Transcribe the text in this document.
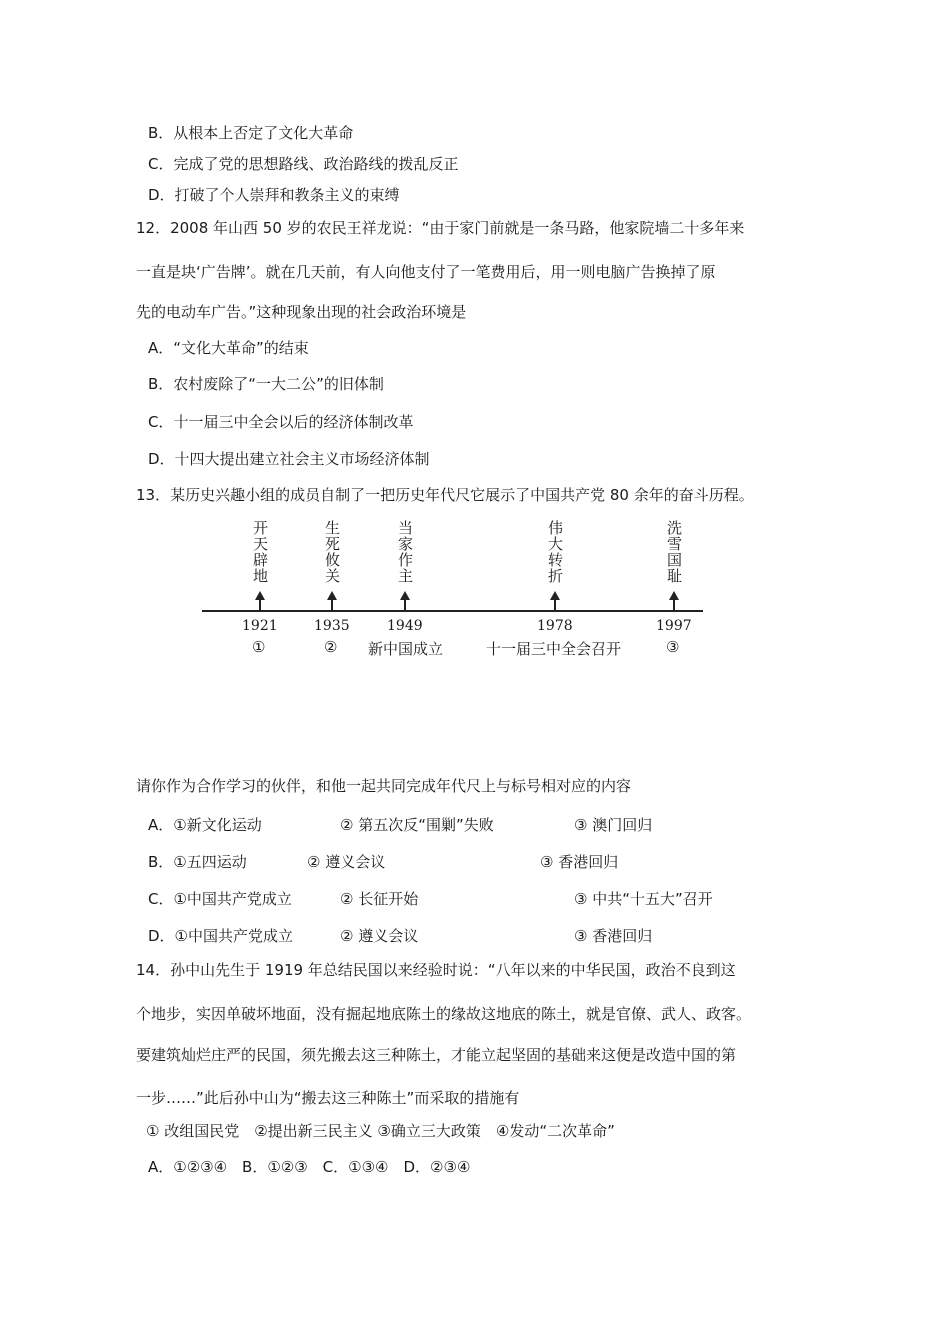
B．从根本上否定了文化大革命
C．完成了党的思想路线、政治路线的拨乱反正
D．打破了个人崇拜和教条主义的束缚
12．2008 年山西 50 岁的农民王祥龙说：“由于家门前就是一条马路，他家院墙二十多年来
一直是块‘广告牌’。就在几天前，有人向他支付了一笔费用后，用一则电脑广告换掉了原
先的电动车广告。”这种现象出现的社会政治环境是
A．“文化大革命”的结束
B．农村废除了“一大二公”的旧体制
C．十一届三中全会以后的经济体制改革
D．十四大提出建立社会主义市场经济体制
13．某历史兴趣小组的成员自制了一把历史年代尺它展示了中国共产党 80 余年的奋斗历程。
开天辟地	生死攸关	当家作主	伟大转折	洗雪国耻
1921	1935	1949	1978	1997
①	② 新中国成立	十一届三中全会召开	③
请你作为合作学习的伙伴，和他一起共同完成年代尺上与标号相对应的内容
A．①新文化运动	② 第五次反“围剿”失败	③ 澳门回归
B．①五四运动	② 遵义会议	③ 香港回归
C．①中国共产党成立	② 长征开始	③ 中共“十五大”召开
D．①中国共产党成立	② 遵义会议	③ 香港回归
14．孙中山先生于 1919 年总结民国以来经验时说：“八年以来的中华民国，政治不良到这
个地步，实因单破坏地面，没有掘起地底陈土的缘故这地底的陈土，就是官僚、武人、政客。
要建筑灿烂庄严的民国，须先搬去这三种陈土，才能立起坚固的基础来这便是改造中国的第
一步……”此后孙中山为“搬去这三种陈土”而采取的措施有
① 改组国民党　②提出新三民主义 ③确立三大政策　④发动“二次革命”
A．①②③④　B．①②③　C．①③④　D．②③④
